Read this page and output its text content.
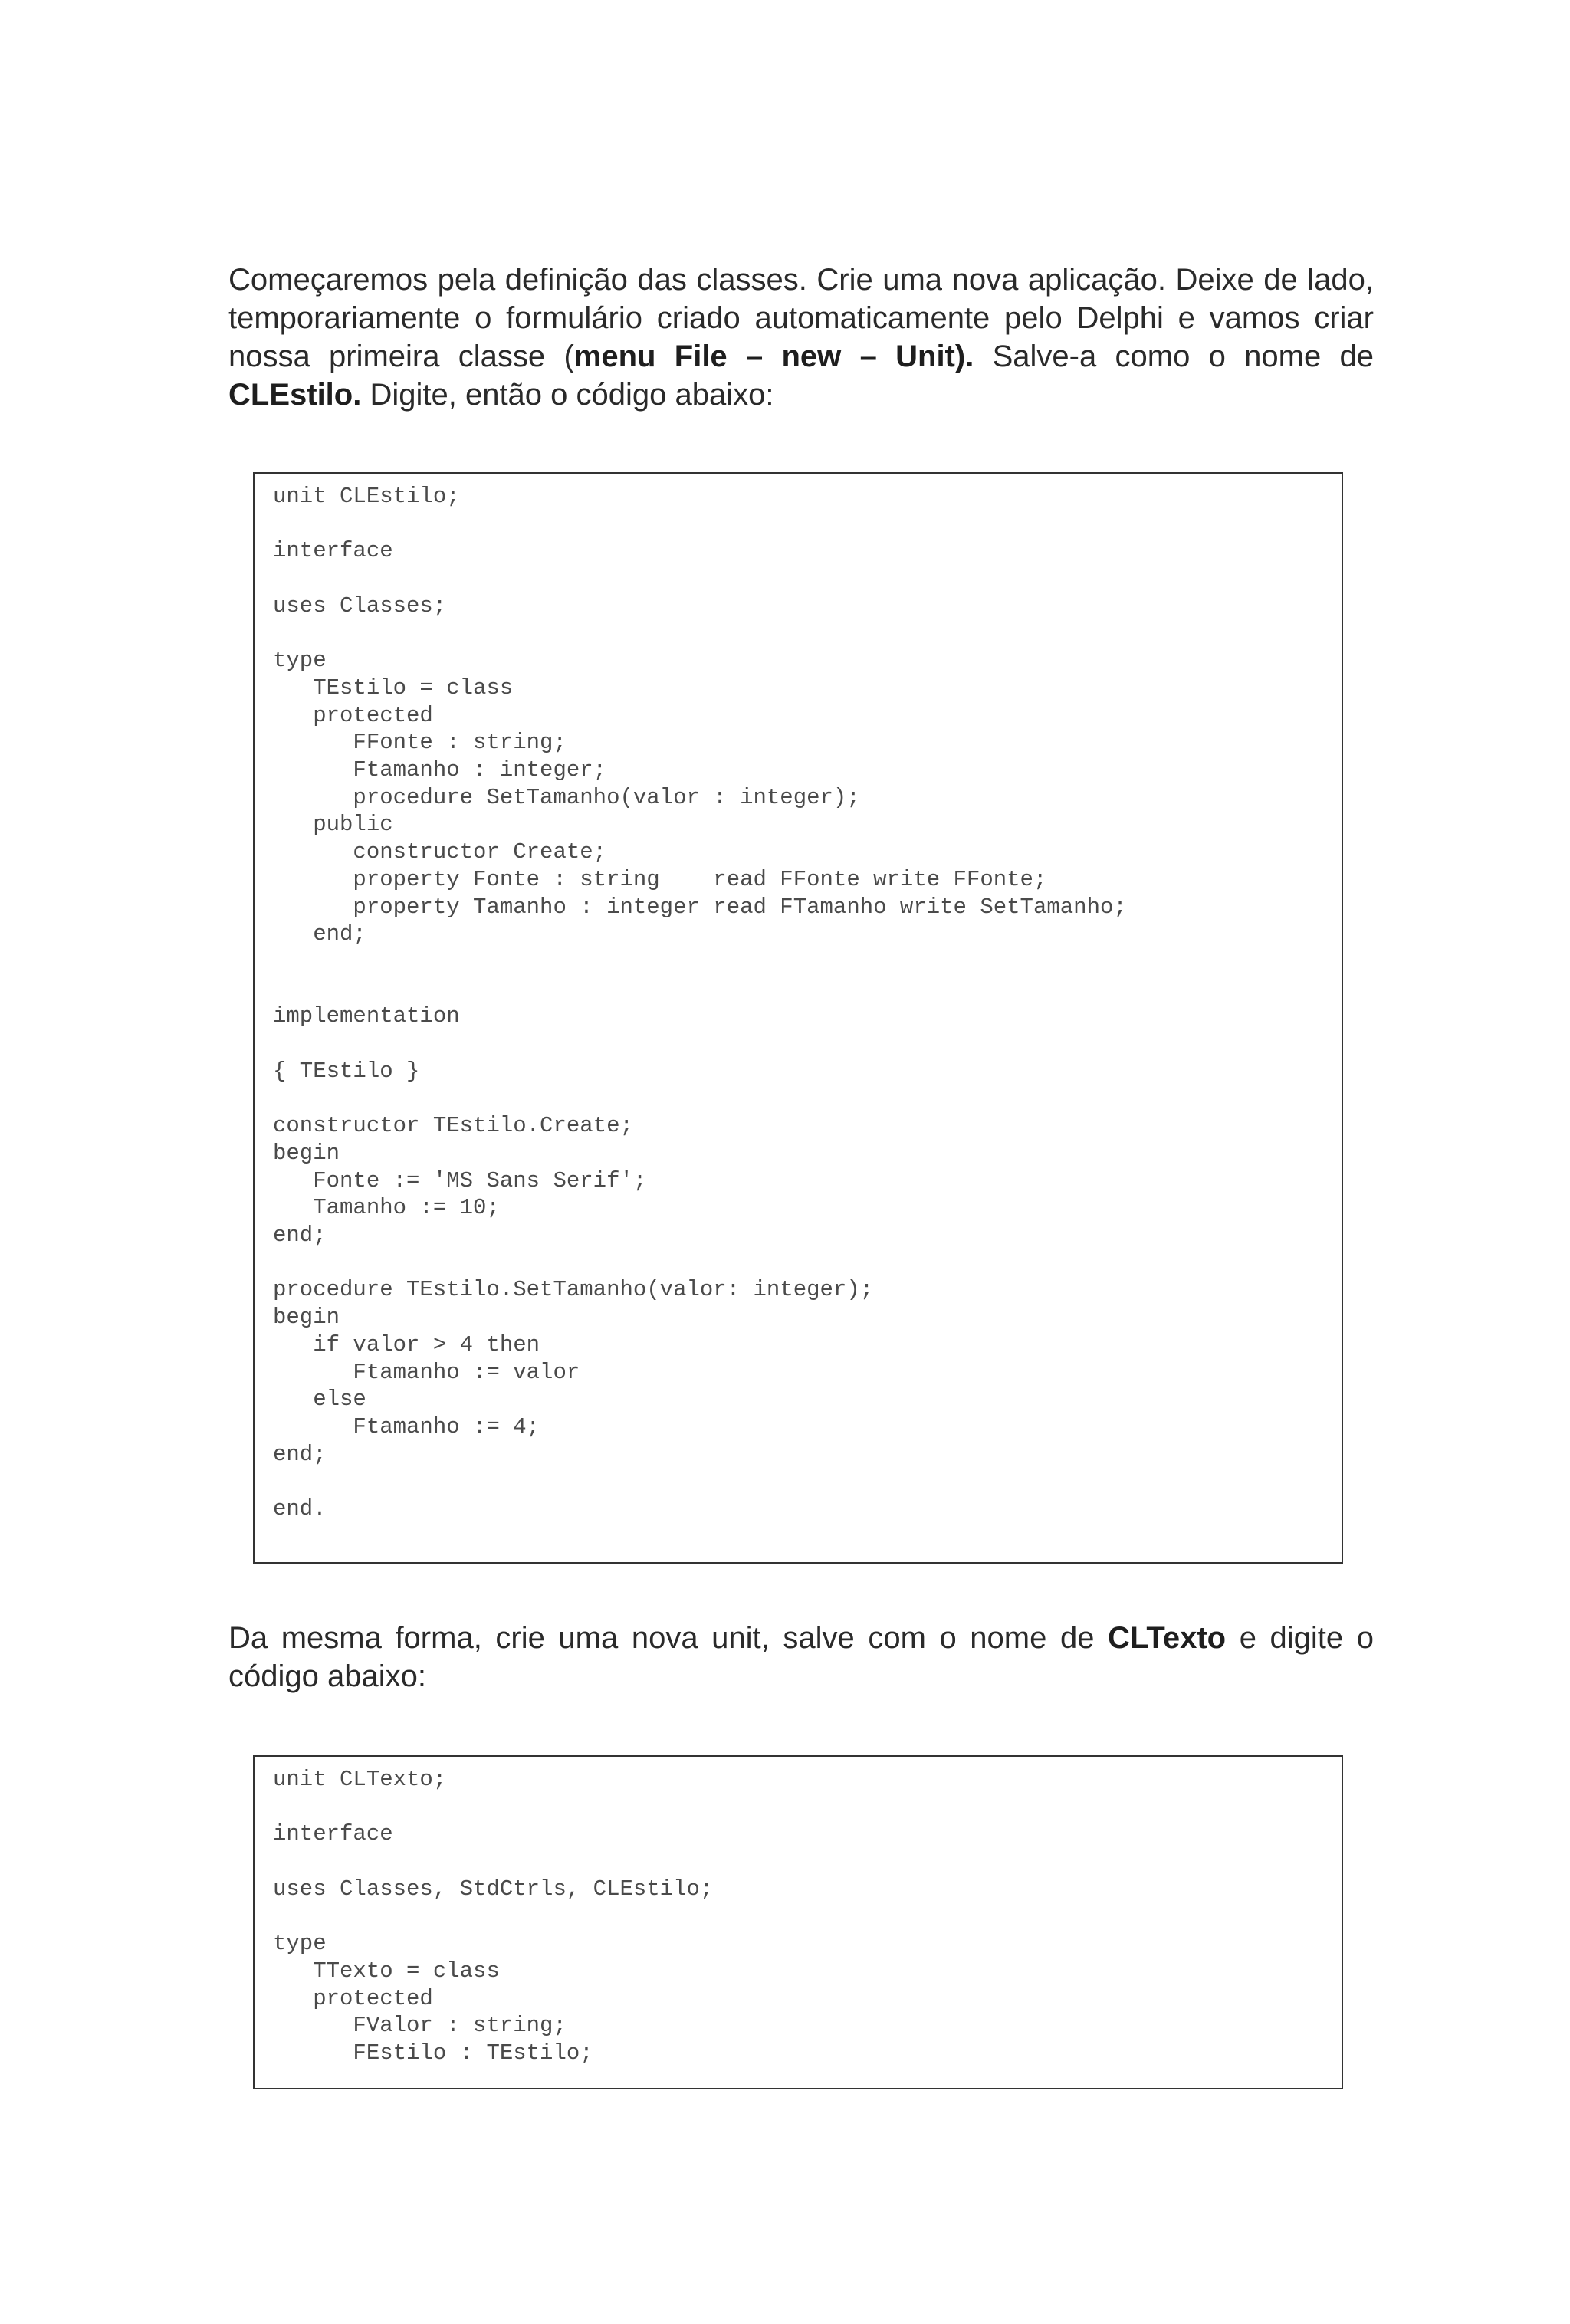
Começaremos pela definição das classes. Crie uma nova aplicação. Deixe de lado, temporariamente o formulário criado automaticamente pelo Delphi e vamos criar nossa primeira classe (menu File – new – Unit). Salve-a como o nome de CLEstilo. Digite, então o código abaixo:

unit CLEstilo;

interface

uses Classes;

type
TEstilo = class
protected
FFonte : string;
Ftamanho : integer;
procedure SetTamanho(valor : integer);
public
constructor Create;
property Fonte : string    read FFonte write FFonte;
property Tamanho : integer read FTamanho write SetTamanho;
end;

implementation

{ TEstilo }

constructor TEstilo.Create;
begin
Fonte := 'MS Sans Serif';
Tamanho := 10;
end;

procedure TEstilo.SetTamanho(valor: integer);
begin
if valor > 4 then
Ftamanho := valor
else
Ftamanho := 4;
end;

end.

Da mesma forma, crie uma nova unit, salve com o nome de CLTexto e digite o código abaixo:

unit CLTexto;

interface

uses Classes, StdCtrls, CLEstilo;

type
TTexto = class
protected
FValor : string;
FEstilo : TEstilo;
